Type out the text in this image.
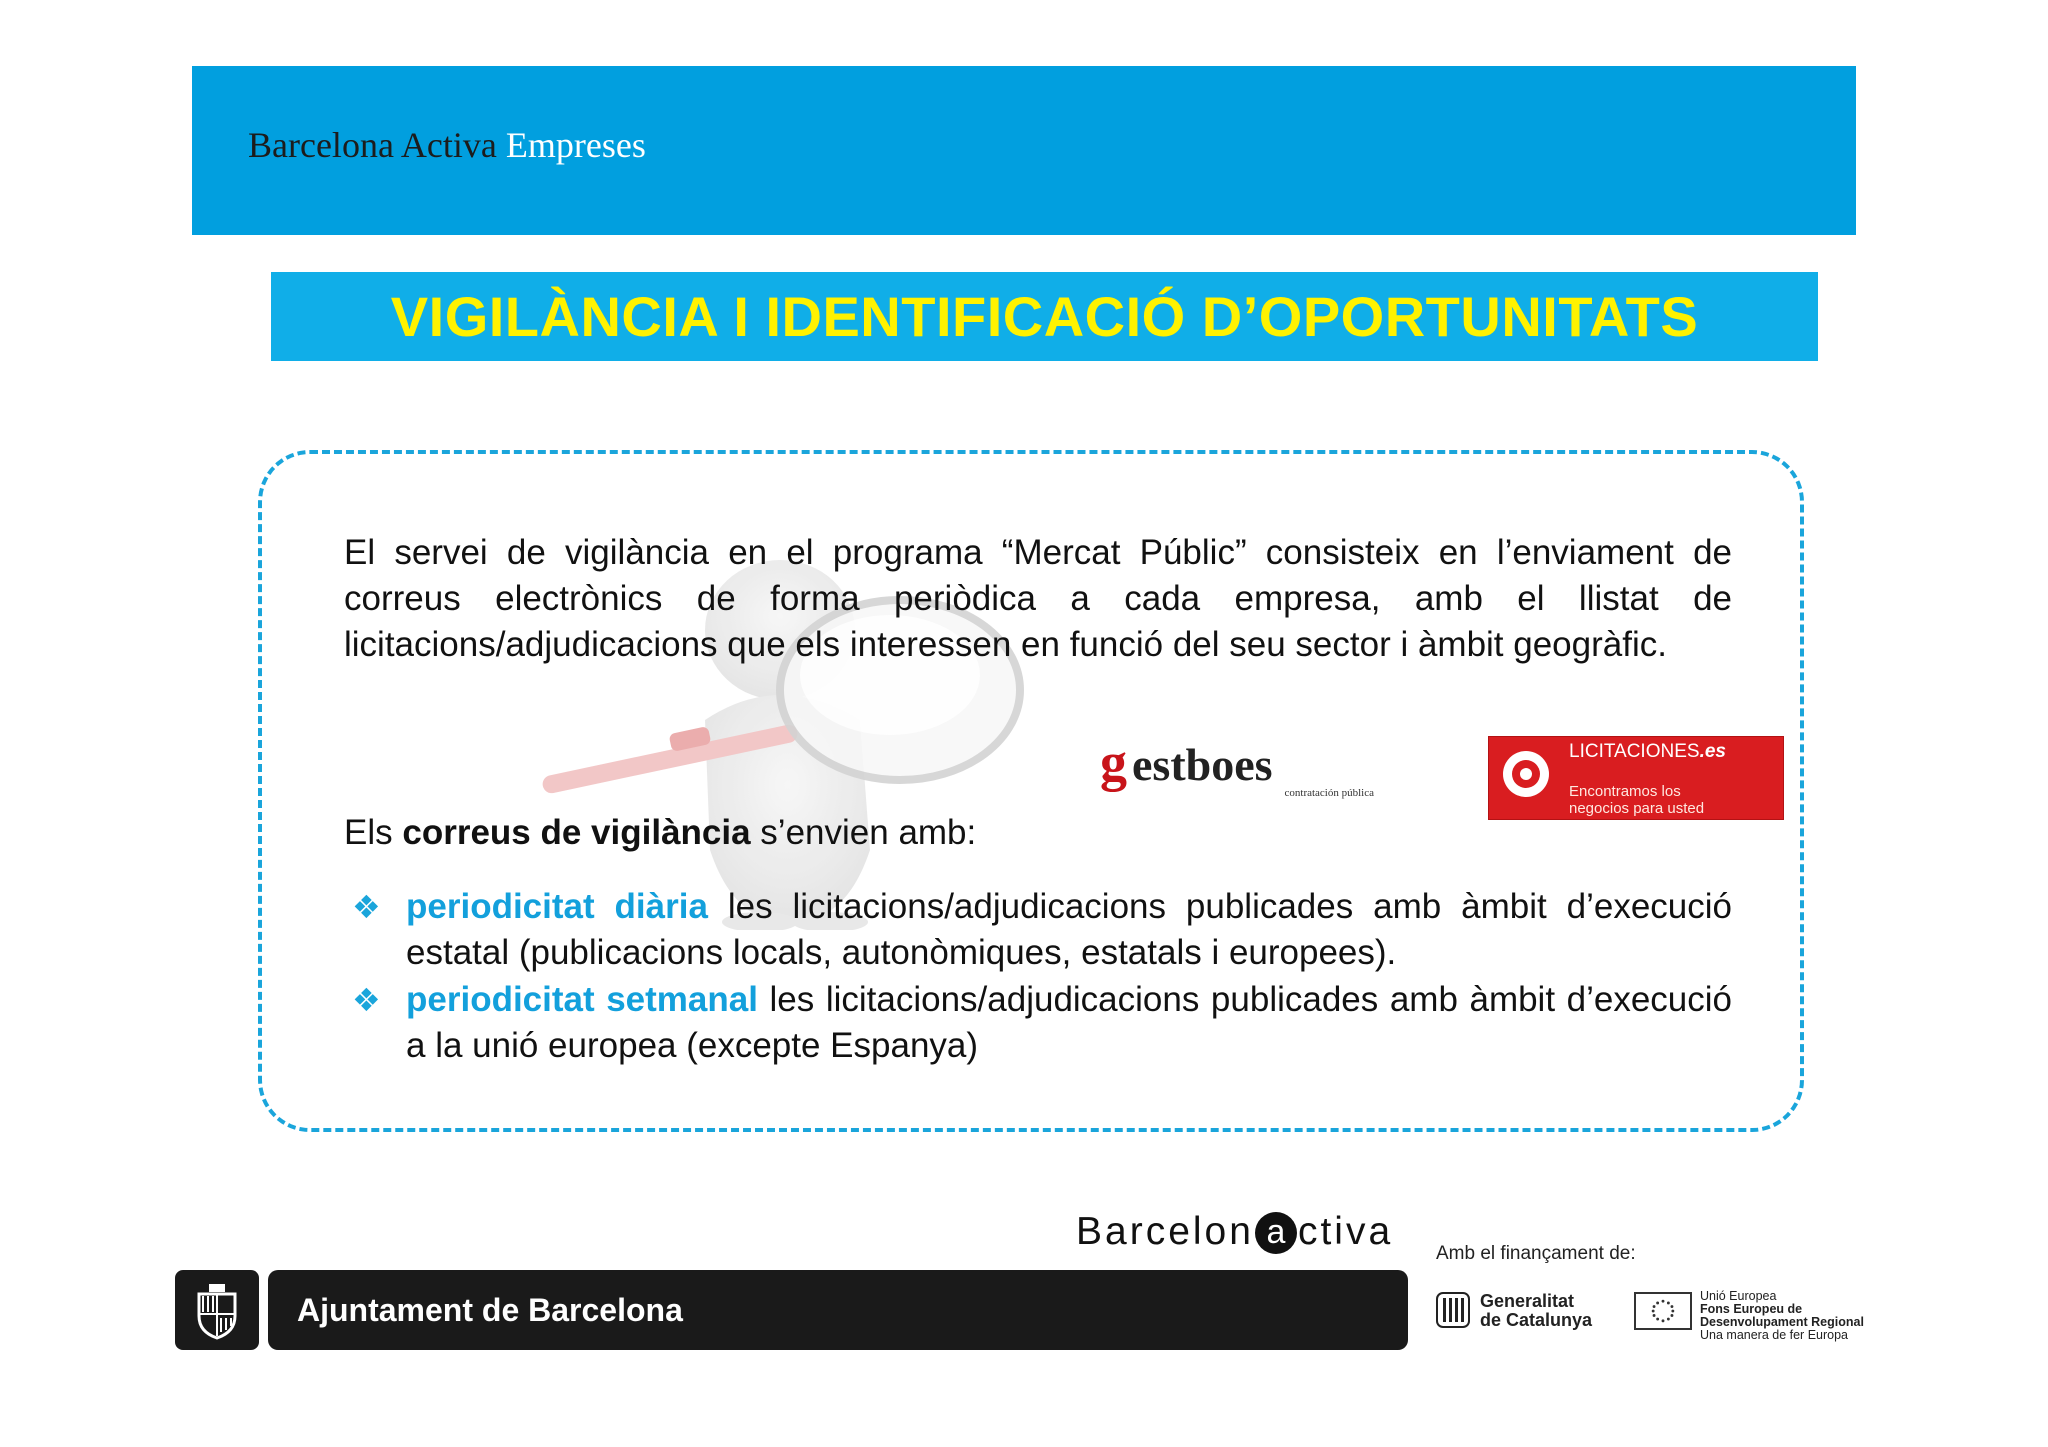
Barcelona Activa Empreses
VIGILÀNCIA I IDENTIFICACIÓ D’OPORTUNITATS
El servei de vigilància en el programa “Mercat Públic” consisteix en l’enviament de correus electrònics de forma periòdica a cada empresa, amb el llistat de licitacions/adjudicacions que els interessen en funció del seu sector i àmbit geogràfic.
g estboes
contratación pública
LICITACIONES.es
Encontramos los
negocios para usted
Els correus de vigilància s’envien amb:
❖ periodicitat diària les licitacions/adjudicacions publicades amb àmbit d’execució estatal (publicacions locals, autonòmiques, estatals i europees).
❖ periodicitat setmanal les licitacions/adjudicacions publicades amb àmbit d’execució a la unió europea (excepte Espanya)
Barcelon a ctiva
Amb el finançament de:
Ajuntament de Barcelona	Generalitat
de Catalunya
Unió Europea
Fons Europeu de
Desenvolupament Regional
Una manera de fer Europa
